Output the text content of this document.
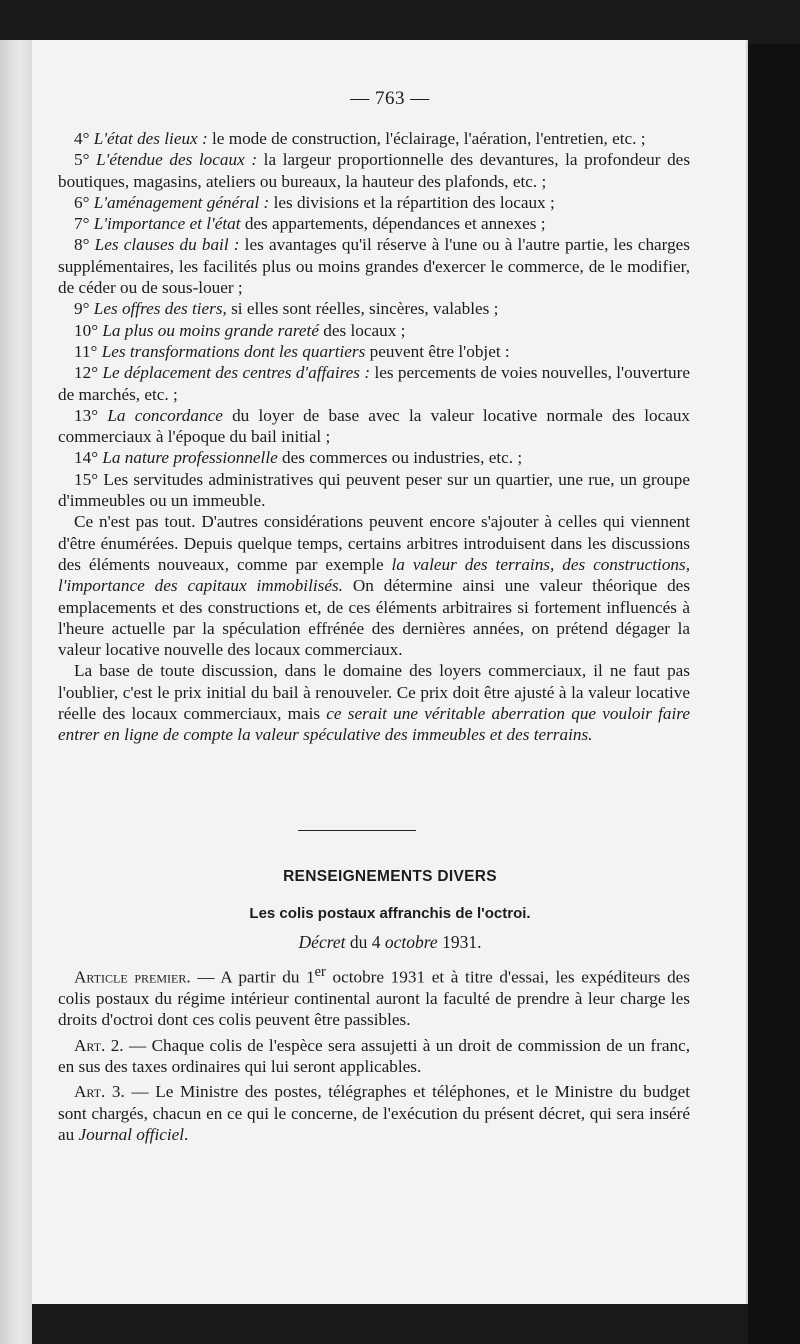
— 763 —

4° L'état des lieux : le mode de construction, l'éclairage, l'aération, l'entretien, etc. ;

5° L'étendue des locaux : la largeur proportionnelle des devantures, la profondeur des boutiques, magasins, ateliers ou bureaux, la hauteur des plafonds, etc. ;

6° L'aménagement général : les divisions et la répartition des locaux ;

7° L'importance et l'état des appartements, dépendances et annexes ;

8° Les clauses du bail : les avantages qu'il réserve à l'une ou à l'autre partie, les charges supplémentaires, les facilités plus ou moins grandes d'exercer le commerce, de le modifier, de céder ou de sous-louer ;

9° Les offres des tiers, si elles sont réelles, sincères, valables ;

10° La plus ou moins grande rareté des locaux ;

11° Les transformations dont les quartiers peuvent être l'objet :

12° Le déplacement des centres d'affaires : les percements de voies nouvelles, l'ouverture de marchés, etc. ;

13° La concordance du loyer de base avec la valeur locative normale des locaux commerciaux à l'époque du bail initial ;

14° La nature professionnelle des commerces ou industries, etc. ;

15° Les servitudes administratives qui peuvent peser sur un quartier, une rue, un groupe d'immeubles ou un immeuble.

Ce n'est pas tout. D'autres considérations peuvent encore s'ajouter à celles qui viennent d'être énumérées. Depuis quelque temps, certains arbitres introduisent dans les discussions des éléments nouveaux, comme par exemple la valeur des terrains, des constructions, l'importance des capitaux immobilisés. On détermine ainsi une valeur théorique des emplacements et des constructions et, de ces éléments arbitraires si fortement influencés à l'heure actuelle par la spéculation effrénée des dernières années, on prétend dégager la valeur locative nouvelle des locaux commerciaux.

La base de toute discussion, dans le domaine des loyers commerciaux, il ne faut pas l'oublier, c'est le prix initial du bail à renouveler. Ce prix doit être ajusté à la valeur locative réelle des locaux commerciaux, mais ce serait une véritable aberration que vouloir faire entrer en ligne de compte la valeur spéculative des immeubles et des terrains.

RENSEIGNEMENTS DIVERS
Les colis postaux affranchis de l'octroi.
Décret du 4 octobre 1931.

Article premier. — A partir du 1er octobre 1931 et à titre d'essai, les expéditeurs des colis postaux du régime intérieur continental auront la faculté de prendre à leur charge les droits d'octroi dont ces colis peuvent être passibles.

Art. 2. — Chaque colis de l'espèce sera assujetti à un droit de commission de un franc, en sus des taxes ordinaires qui lui seront applicables.

Art. 3. — Le Ministre des postes, télégraphes et téléphones, et le Ministre du budget sont chargés, chacun en ce qui le concerne, de l'exécution du présent décret, qui sera inséré au Journal officiel.
